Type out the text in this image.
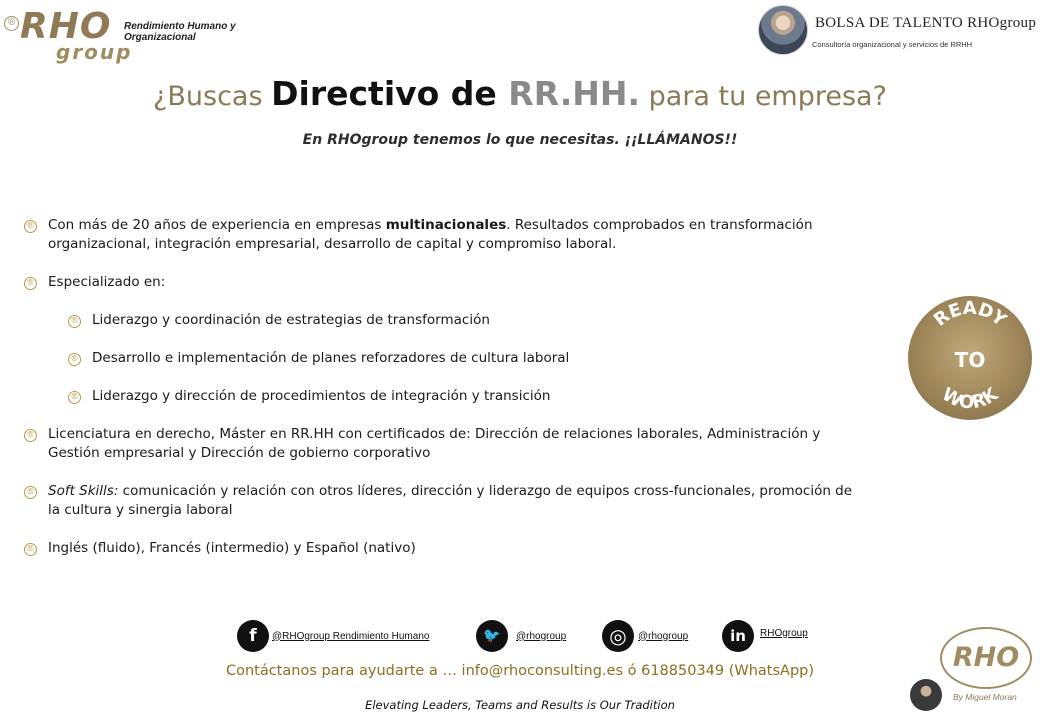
® RHO
group
Rendimiento Humano y Organizacional
BOLSA DE TALENTO RHOgroup
Consultoría organizacional y servicios de RRHH
¿Buscas Directivo de RR.HH. para tu empresa?
En RHOgroup tenemos lo que necesitas. ¡¡LLÁMANOS!!
® Con más de 20 años de experiencia en empresas multinacionales. Resultados comprobados en transformación
organizacional, integración empresarial, desarrollo de capital y compromiso laboral.
® Especializado en:
® Liderazgo y coordinación de estrategias de transformación
® Desarrollo e implementación de planes reforzadores de cultura laboral
® Liderazgo y dirección de procedimientos de integración y transición
® Licenciatura en derecho, Máster en RR.HH con certificados de: Dirección de relaciones laborales, Administración y
Gestión empresarial y Dirección de gobierno corporativo
® Soft Skills: comunicación y relación con otros líderes, dirección y liderazgo de equipos cross-funcionales, promoción de
la cultura y sinergia laboral
® Inglés (fluido), Francés (intermedio) y Español (nativo)
READY
WORK
TO
f	@RHOgroup Rendimiento Humano	🐦	@rhogroup	◎	@rhogroup	in	RHOgroup
Contáctanos para ayudarte a … info@rhoconsulting.es ó 618850349 (WhatsApp)
Elevating Leaders, Teams and Results is Our Tradition
RHO
By Miguel Moran
